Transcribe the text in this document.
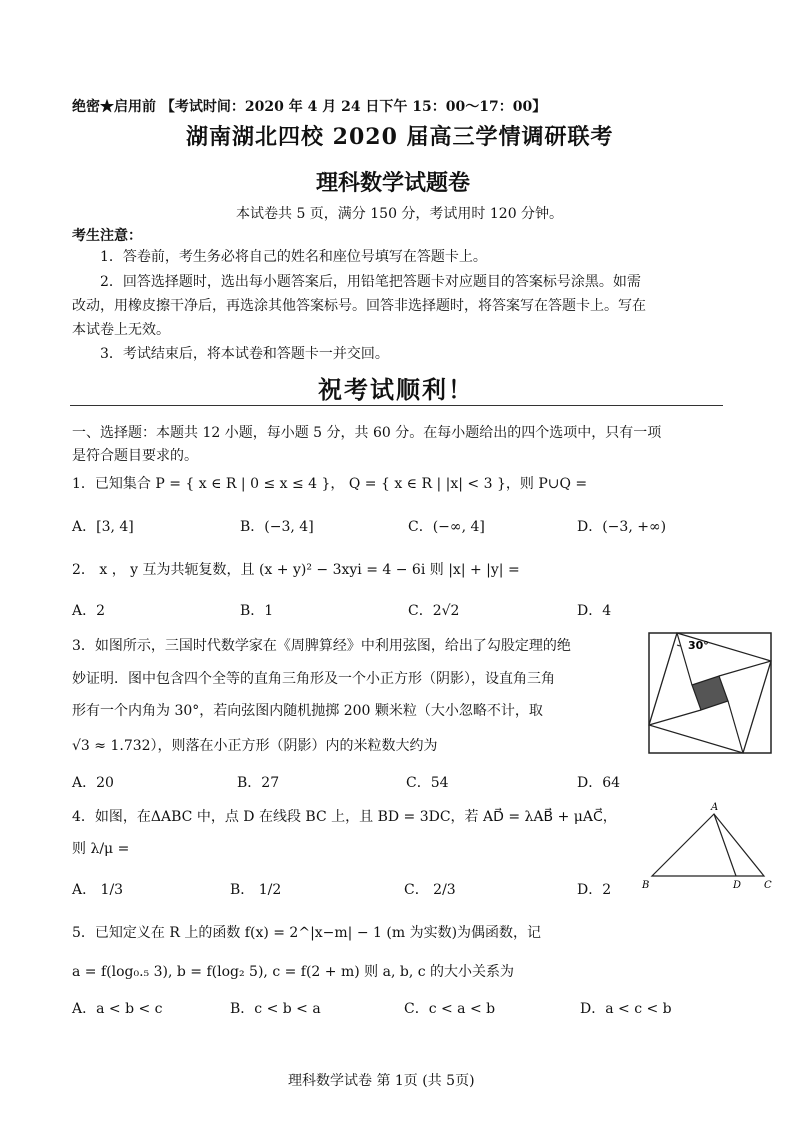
绝密★启用前 【考试时间：2020 年 4 月 24 日下午 15：00～17：00】
湖南湖北四校 2020 届高三学情调研联考
理科数学试题卷
本试卷共 5 页，满分 150 分，考试用时 120 分钟。
考生注意：
1．答卷前，考生务必将自己的姓名和座位号填写在答题卡上。
2．回答选择题时，选出每小题答案后，用铅笔把答题卡对应题目的答案标号涂黑。如需
改动，用橡皮擦干净后，再选涂其他答案标号。回答非选择题时，将答案写在答题卡上。写在
本试卷上无效。
3．考试结束后，将本试卷和答题卡一并交回。
祝考试顺利！
一、选择题：本题共 12 小题，每小题 5 分，共 60 分。在每小题给出的四个选项中，只有一项
是符合题目要求的。
1．已知集合 P = { x ∈ R | 0 ≤ x ≤ 4 }， Q = { x ∈ R | |x| < 3 }，则 P∪Q =
A．[3, 4]	B．(−3, 4]	C．(−∞, 4]	D．(−3, +∞)
2． x ， y 互为共轭复数，且 (x + y)² − 3xyi = 4 − 6i 则 |x| + |y| =
A．2	B．1	C．2√2	D．4
3．如图所示，三国时代数学家在《周脾算经》中利用弦图，给出了勾股定理的绝
妙证明．图中包含四个全等的直角三角形及一个小正方形（阴影），设直角三角
形有一个内角为 30°，若向弦图内随机抛掷 200 颗米粒（大小忽略不计，取
√3 ≈ 1.732），则落在小正方形（阴影）内的米粒数大约为
A．20	B．27	C．54	D．64
30°
4．如图，在ΔABC 中，点 D 在线段 BC 上，且 BD = 3DC，若 AD⃗ = λAB⃗ + μAC⃗，
则 λ/μ =
A． 1/3	B． 1/2	C． 2/3	D．2
A
B	D C
5．已知定义在 R 上的函数 f(x) = 2^|x−m| − 1 (m 为实数)为偶函数，记
a = f(log₀.₅ 3), b = f(log₂ 5), c = f(2 + m) 则 a, b, c 的大小关系为
A．a < b < c	B．c < b < a	C．c < a < b	D．a < c < b
理科数学试卷 第 1页 (共 5页)
